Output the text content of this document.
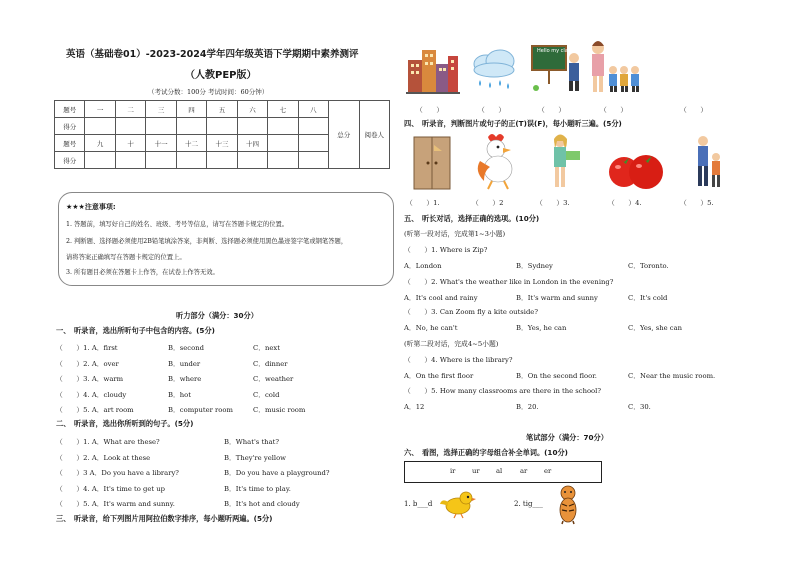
英语（基础卷01）-2023-2024学年四年级英语下学期期中素养测评
（人教PEP版）
（考试分数：100分 考试时间：60分钟）
题号	一	二	三	四	五	六	七	八	总分	阅卷人
得分										
题号	九	十	十一	十二	十三	十四				
得分										
★★★注意事项:
1. 答题前，填写好自己的姓名、班级、考号等信息，请写在答题卡规定的位置。
2. 判断题、选择题必须使用2B铅笔填涂答案，非判断、选择题必须使用黑色墨迹签字笔或钢笔答题，
请将答案正确填写在答题卡规定的位置上。
3. 所有题目必须在答题卡上作答，在试卷上作答无效。
听力部分（满分：30分）
一、　听录音，选出所听句子中包含的内容。(5分)
（　　）1. A．first	B．second	C．next
（　　）2. A．over	B．under	C．dinner
（　　）3. A．warm	B．where	C．weather
（　　）4. A．cloudy	B．hot	C．cold
（　　）5. A．art room	B．computer room	C．music room
二、　听录音，选出你所听到的句子。(5分)
（　　）1. A．What are these?	B．What's that?
（　　）2. A．Look at these	B．They're yellow
（　　）3 A．Do you have a library?	B．Do you have a playground?
（　　）4. A．It's time to get up	B．It's time to play.
（　　）5. A．It's warm and sunny.	B．It's hot and cloudy
三、　听录音，给下列图片用阿拉伯数字排序，每小题听两遍。(5分)
Hello my class
（　　）	（　　）	（　　）	（　　）	（　　）
四、　听录音，判断图片或句子的正(T)误(F)，每小题听三遍。(5分)
（　　）1.	（　　）2	（　　）3.	（　　）4.	（　　）5.
五、　听长对话，选择正确的选项。(10分)
(听第一段对话，完成第1~3小题)
(听第二段对话，完成4~5小题)
（　　）1. Where is Zip?
A．London	B．Sydney	C．Toronto.
（　　）2. What's the weather like in London in the evening?
A．It's cool and rainy	B．It's warm and sunny	C．It's cold
（　　）3. Can Zoom fly a kite outside?
A．No, he can't	B．Yes, he can	C．Yes, she can
（　　）4. Where is the library?
A．On the first floor	B．On the second floor.	C．Near the music room.
（　　）5. How many classrooms are there in the school?
A．12	B．20.	C．30.
笔试部分（满分：70分）
六、　看图，选择正确的字母组合补全单词。(10分)
ir ur al	ar er
1. b___d	2. tig___
